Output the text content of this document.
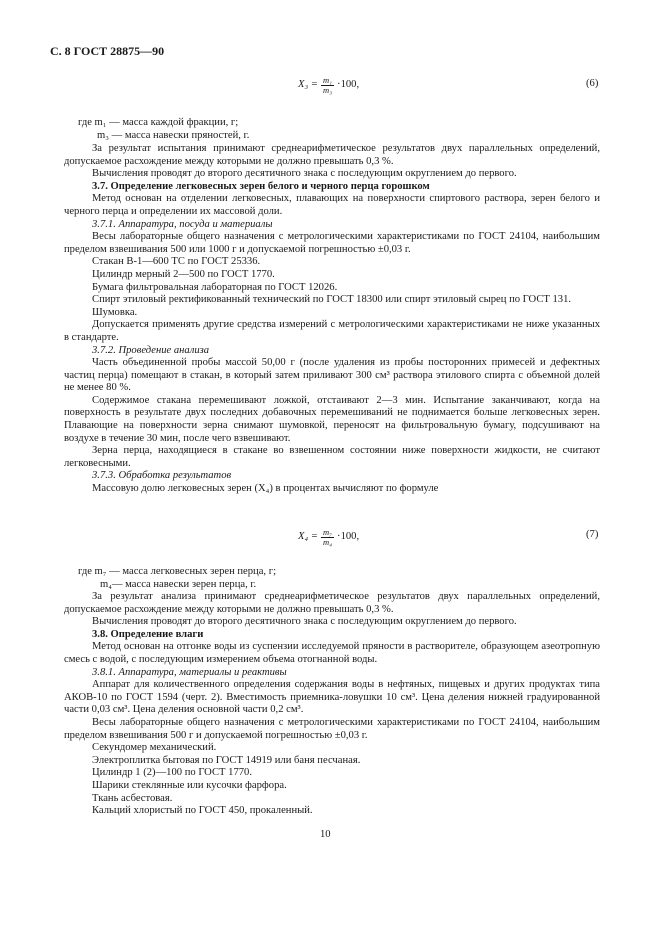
С. 8 ГОСТ 28875—90
$X_3 = \frac{\text{m₁}}{\text{m₃}} \cdot 100$,	(6)
где m₁ — масса каждой фракции, г;
m₃ — масса навески пряностей, г.

За результат испытания принимают среднеарифметическое результатов двух параллельных определений, допускаемое расхождение между которыми не должно превышать 0,3 %.

Вычисления проводят до второго десятичного знака с последующим округлением до первого.

3.7. Определение легковесных зерен белого и черного перца горошком

Метод основан на отделении легковесных, плавающих на поверхности спиртового раствора, зерен белого и черного перца и определении их массовой доли.

3.7.1. Аппаратура, посуда и материалы

Весы лабораторные общего назначения с метрологическими характеристиками по ГОСТ 24104, наибольшим пределом взвешивания 500 или 1000 г и допускаемой погрешностью ±0,03 г.

Стакан В-1—600 ТС по ГОСТ 25336.

Цилиндр мерный 2—500 по ГОСТ 1770.

Бумага фильтровальная лабораторная по ГОСТ 12026.

Спирт этиловый ректификованный технический по ГОСТ 18300 или спирт этиловый сырец по ГОСТ 131.

Шумовка.

Допускается применять другие средства измерений с метрологическими характеристиками не ниже указанных в стандарте.

3.7.2. Проведение анализа

Часть объединенной пробы массой 50,00 г (после удаления из пробы посторонних примесей и дефектных частиц перца) помещают в стакан, в который затем приливают 300 см³ раствора этилового спирта с объемной долей не менее 80 %.

Содержимое стакана перемешивают ложкой, отстаивают 2—3 мин. Испытание заканчивают, когда на поверхность в результате двух последних добавочных перемешиваний не поднимается больше легковесных зерен. Плавающие на поверхности зерна снимают шумовкой, переносят на фильтровальную бумагу, подсушивают на воздухе в течение 30 мин, после чего взвешивают.

Зерна перца, находящиеся в стакане во взвешенном состоянии ниже поверхности жидкости, не считают легковесными.

3.7.3. Обработка результатов

Массовую долю легковесных зерен (X₄) в процентах вычисляют по формуле

$X_4 = \frac{\text{m₇}}{\text{m₄}} \cdot 100$,	(7)
где m₇ — масса легковесных зерен перца, г;
m₄— масса навески зерен перца, г.

За результат анализа принимают среднеарифметическое результатов двух параллельных определений, допускаемое расхождение между которыми не должно превышать 0,3 %.

Вычисления проводят до второго десятичного знака с последующим округлением до первого.

3.8. Определение влаги

Метод основан на отгонке воды из суспензии исследуемой пряности в растворителе, образующем азеотропную смесь с водой, с последующим измерением объема отогнанной воды.

3.8.1. Аппаратура, материалы и реактивы

Аппарат для количественного определения содержания воды в нефтяных, пищевых и других продуктах типа АКОВ-10 по ГОСТ 1594 (черт. 2). Вместимость приемника-ловушки 10 см³. Цена деления нижней градуированной части 0,03 см³. Цена деления основной части 0,2 см³.

Весы лабораторные общего назначения с метрологическими характеристиками по ГОСТ 24104, наибольшим пределом взвешивания 500 г и допускаемой погрешностью ±0,03 г.

Секундомер механический.

Электроплитка бытовая по ГОСТ 14919 или баня песчаная.

Цилиндр 1 (2)—100 по ГОСТ 1770.

Шарики стеклянные или кусочки фарфора.

Ткань асбестовая.

Кальций хлористый по ГОСТ 450, прокаленный.

10
